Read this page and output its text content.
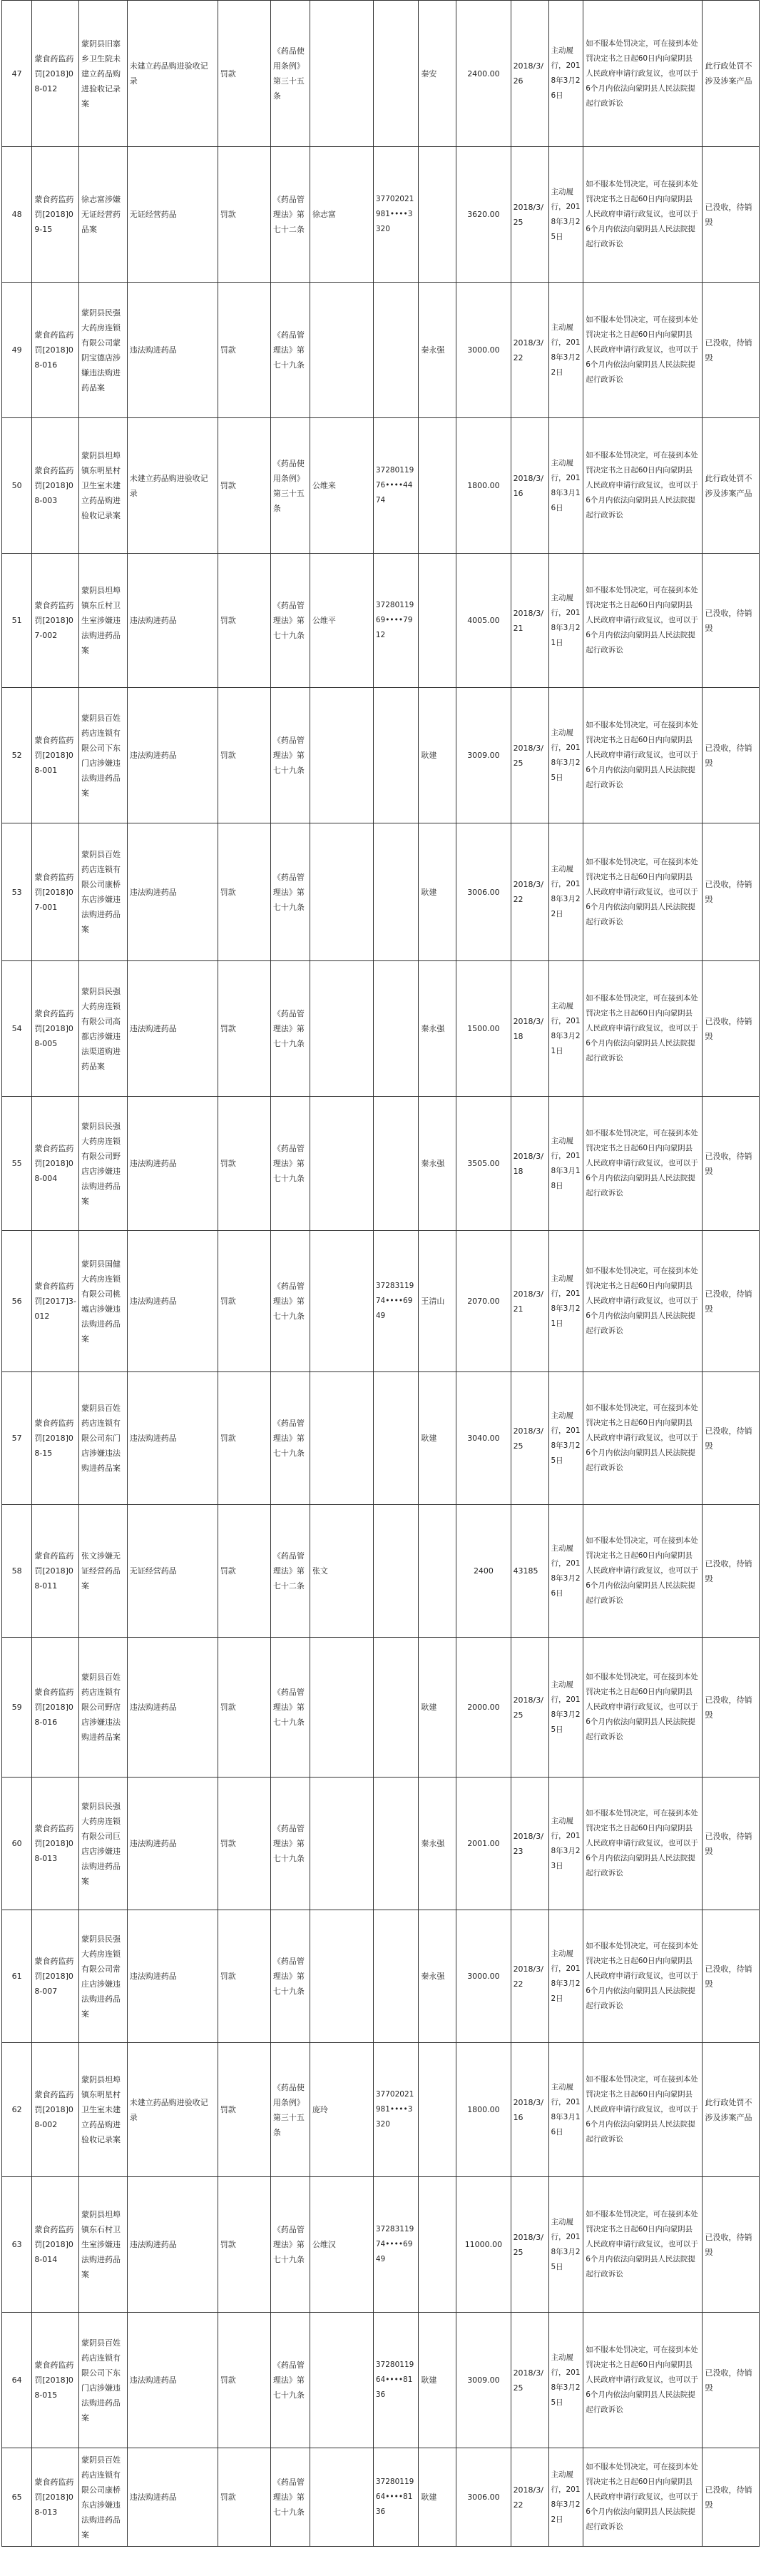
47	蒙食药监药罚[2018]08-012	蒙阴县旧寨乡卫生院未建立药品购进验收记录案	未建立药品购进验收记录	罚款	《药品使用条例》第三十五条			秦安	2400.00	2018/3/26	主动履行，2018年3月26日	如不服本处罚决定，可在接到本处罚决定书之日起60日内向蒙阴县人民政府申请行政复议，也可以于6个月内依法向蒙阴县人民法院提起行政诉讼	此行政处罚不涉及涉案产品
48	蒙食药监药罚[2018]09-15	徐志富涉嫌无证经营药品案	无证经营药品	罚款	《药品管理法》第七十二条	徐志富	37702021981••••3320		3620.00	2018/3/25	主动履行，2018年3月25日	如不服本处罚决定，可在接到本处罚决定书之日起60日内向蒙阴县人民政府申请行政复议，也可以于6个月内依法向蒙阴县人民法院提起行政诉讼	已没收，待销毁
49	蒙食药监药罚[2018]08-016	蒙阴县民强大药房连锁有限公司蒙阴宝德店涉嫌违法购进药品案	违法购进药品	罚款	《药品管理法》第七十九条			秦永强	3000.00	2018/3/22	主动履行，2018年3月22日	如不服本处罚决定，可在接到本处罚决定书之日起60日内向蒙阴县人民政府申请行政复议，也可以于6个月内依法向蒙阴县人民法院提起行政诉讼	已没收，待销毁
50	蒙食药监药罚[2018]08-003	蒙阴县坦埠镇东明星村卫生室未建立药品购进验收记录案	未建立药品购进验收记录	罚款	《药品使用条例》第三十五条	公维来	3728011976••••4474		1800.00	2018/3/16	主动履行，2018年3月16日	如不服本处罚决定，可在接到本处罚决定书之日起60日内向蒙阴县人民政府申请行政复议，也可以于6个月内依法向蒙阴县人民法院提起行政诉讼	此行政处罚不涉及涉案产品
51	蒙食药监药罚[2018]07-002	蒙阴县坦埠镇东丘村卫生室涉嫌违法购进药品案	违法购进药品	罚款	《药品管理法》第七十九条	公维平	3728011969••••7912		4005.00	2018/3/21	主动履行，2018年3月21日	如不服本处罚决定，可在接到本处罚决定书之日起60日内向蒙阴县人民政府申请行政复议，也可以于6个月内依法向蒙阴县人民法院提起行政诉讼	已没收，待销毁
52	蒙食药监药罚[2018]08-001	蒙阴县百姓药店连锁有限公司下东门店涉嫌违法购进药品案	违法购进药品	罚款	《药品管理法》第七十九条			耿建	3009.00	2018/3/25	主动履行，2018年3月25日	如不服本处罚决定，可在接到本处罚决定书之日起60日内向蒙阴县人民政府申请行政复议，也可以于6个月内依法向蒙阴县人民法院提起行政诉讼	已没收，待销毁
53	蒙食药监药罚[2018]07-001	蒙阴县百姓药店连锁有限公司康桥东店涉嫌违法购进药品案	违法购进药品	罚款	《药品管理法》第七十九条			耿建	3006.00	2018/3/22	主动履行，2018年3月22日	如不服本处罚决定，可在接到本处罚决定书之日起60日内向蒙阴县人民政府申请行政复议，也可以于6个月内依法向蒙阴县人民法院提起行政诉讼	已没收，待销毁
54	蒙食药监药罚[2018]08-005	蒙阴县民强大药房连锁有限公司高都店涉嫌违法渠道购进药品案	违法购进药品	罚款	《药品管理法》第七十九条			秦永强	1500.00	2018/3/18	主动履行，2018年3月21日	如不服本处罚决定，可在接到本处罚决定书之日起60日内向蒙阴县人民政府申请行政复议，也可以于6个月内依法向蒙阴县人民法院提起行政诉讼	已没收，待销毁
55	蒙食药监药罚[2018]08-004	蒙阴县民强大药房连锁有限公司野店店涉嫌违法购进药品案	违法购进药品	罚款	《药品管理法》第七十九条			秦永强	3505.00	2018/3/18	主动履行，2018年3月18日	如不服本处罚决定，可在接到本处罚决定书之日起60日内向蒙阴县人民政府申请行政复议，也可以于6个月内依法向蒙阴县人民法院提起行政诉讼	已没收，待销毁
56	蒙食药监药罚[2017]3-012	蒙阴县国健大药房连锁有限公司桃墟店涉嫌违法购进药品案	违法购进药品	罚款	《药品管理法》第七十九条		3728311974••••6949	王清山	2070.00	2018/3/21	主动履行，2018年3月21日	如不服本处罚决定，可在接到本处罚决定书之日起60日内向蒙阴县人民政府申请行政复议，也可以于6个月内依法向蒙阴县人民法院提起行政诉讼	已没收，待销毁
57	蒙食药监药罚[2018]08-15	蒙阴县百姓药店连锁有限公司东门店涉嫌违法购进药品案	违法购进药品	罚款	《药品管理法》第七十九条			耿建	3040.00	2018/3/25	主动履行，2018年3月25日	如不服本处罚决定，可在接到本处罚决定书之日起60日内向蒙阴县人民政府申请行政复议，也可以于6个月内依法向蒙阴县人民法院提起行政诉讼	已没收，待销毁
58	蒙食药监药罚[2018]08-011	张文涉嫌无证经营药品案	无证经营药品	罚款	《药品管理法》第七十二条	张文			2400	43185	主动履行，2018年3月26日	如不服本处罚决定，可在接到本处罚决定书之日起60日内向蒙阴县人民政府申请行政复议，也可以于6个月内依法向蒙阴县人民法院提起行政诉讼	已没收，待销毁
59	蒙食药监药罚[2018]08-016	蒙阴县百姓药店连锁有限公司野店店涉嫌违法购进药品案	违法购进药品	罚款	《药品管理法》第七十九条			耿建	2000.00	2018/3/25	主动履行，2018年3月25日	如不服本处罚决定，可在接到本处罚决定书之日起60日内向蒙阴县人民政府申请行政复议，也可以于6个月内依法向蒙阴县人民法院提起行政诉讼	已没收，待销毁
60	蒙食药监药罚[2018]08-013	蒙阴县民强大药房连锁有限公司巨店店涉嫌违法购进药品案	违法购进药品	罚款	《药品管理法》第七十九条			秦永强	2001.00	2018/3/23	主动履行，2018年3月23日	如不服本处罚决定，可在接到本处罚决定书之日起60日内向蒙阴县人民政府申请行政复议，也可以于6个月内依法向蒙阴县人民法院提起行政诉讼	已没收，待销毁
61	蒙食药监药罚[2018]08-007	蒙阴县民强大药房连锁有限公司常庄店涉嫌违法购进药品案	违法购进药品	罚款	《药品管理法》第七十九条			秦永强	3000.00	2018/3/22	主动履行，2018年3月22日	如不服本处罚决定，可在接到本处罚决定书之日起60日内向蒙阴县人民政府申请行政复议，也可以于6个月内依法向蒙阴县人民法院提起行政诉讼	已没收，待销毁
62	蒙食药监药罚[2018]08-002	蒙阴县坦埠镇东明星村卫生室未建立药品购进验收记录案	未建立药品购进验收记录	罚款	《药品使用条例》第三十五条	庞玲	37702021981••••3320		1800.00	2018/3/16	主动履行，2018年3月16日	如不服本处罚决定，可在接到本处罚决定书之日起60日内向蒙阴县人民政府申请行政复议，也可以于6个月内依法向蒙阴县人民法院提起行政诉讼	此行政处罚不涉及涉案产品
63	蒙食药监药罚[2018]08-014	蒙阴县坦埠镇东石村卫生室涉嫌违法购进药品案	违法购进药品	罚款	《药品管理法》第七十九条	公维汉	3728311974••••6949		11000.00	2018/3/25	主动履行，2018年3月25日	如不服本处罚决定，可在接到本处罚决定书之日起60日内向蒙阴县人民政府申请行政复议，也可以于6个月内依法向蒙阴县人民法院提起行政诉讼	已没收，待销毁
64	蒙食药监药罚[2018]08-015	蒙阴县百姓药店连锁有限公司下东门店涉嫌违法购进药品案	违法购进药品	罚款	《药品管理法》第七十九条		3728011964••••8136	耿建	3009.00	2018/3/25	主动履行，2018年3月25日	如不服本处罚决定，可在接到本处罚决定书之日起60日内向蒙阴县人民政府申请行政复议，也可以于6个月内依法向蒙阴县人民法院提起行政诉讼	已没收，待销毁
65	蒙食药监药罚[2018]08-013	蒙阴县百姓药店连锁有限公司康桥东店涉嫌违法购进药品案	违法购进药品	罚款	《药品管理法》第七十九条		3728011964••••8136	耿建	3006.00	2018/3/22	主动履行，2018年3月22日	如不服本处罚决定，可在接到本处罚决定书之日起60日内向蒙阴县人民政府申请行政复议，也可以于6个月内依法向蒙阴县人民法院提起行政诉讼	已没收，待销毁
